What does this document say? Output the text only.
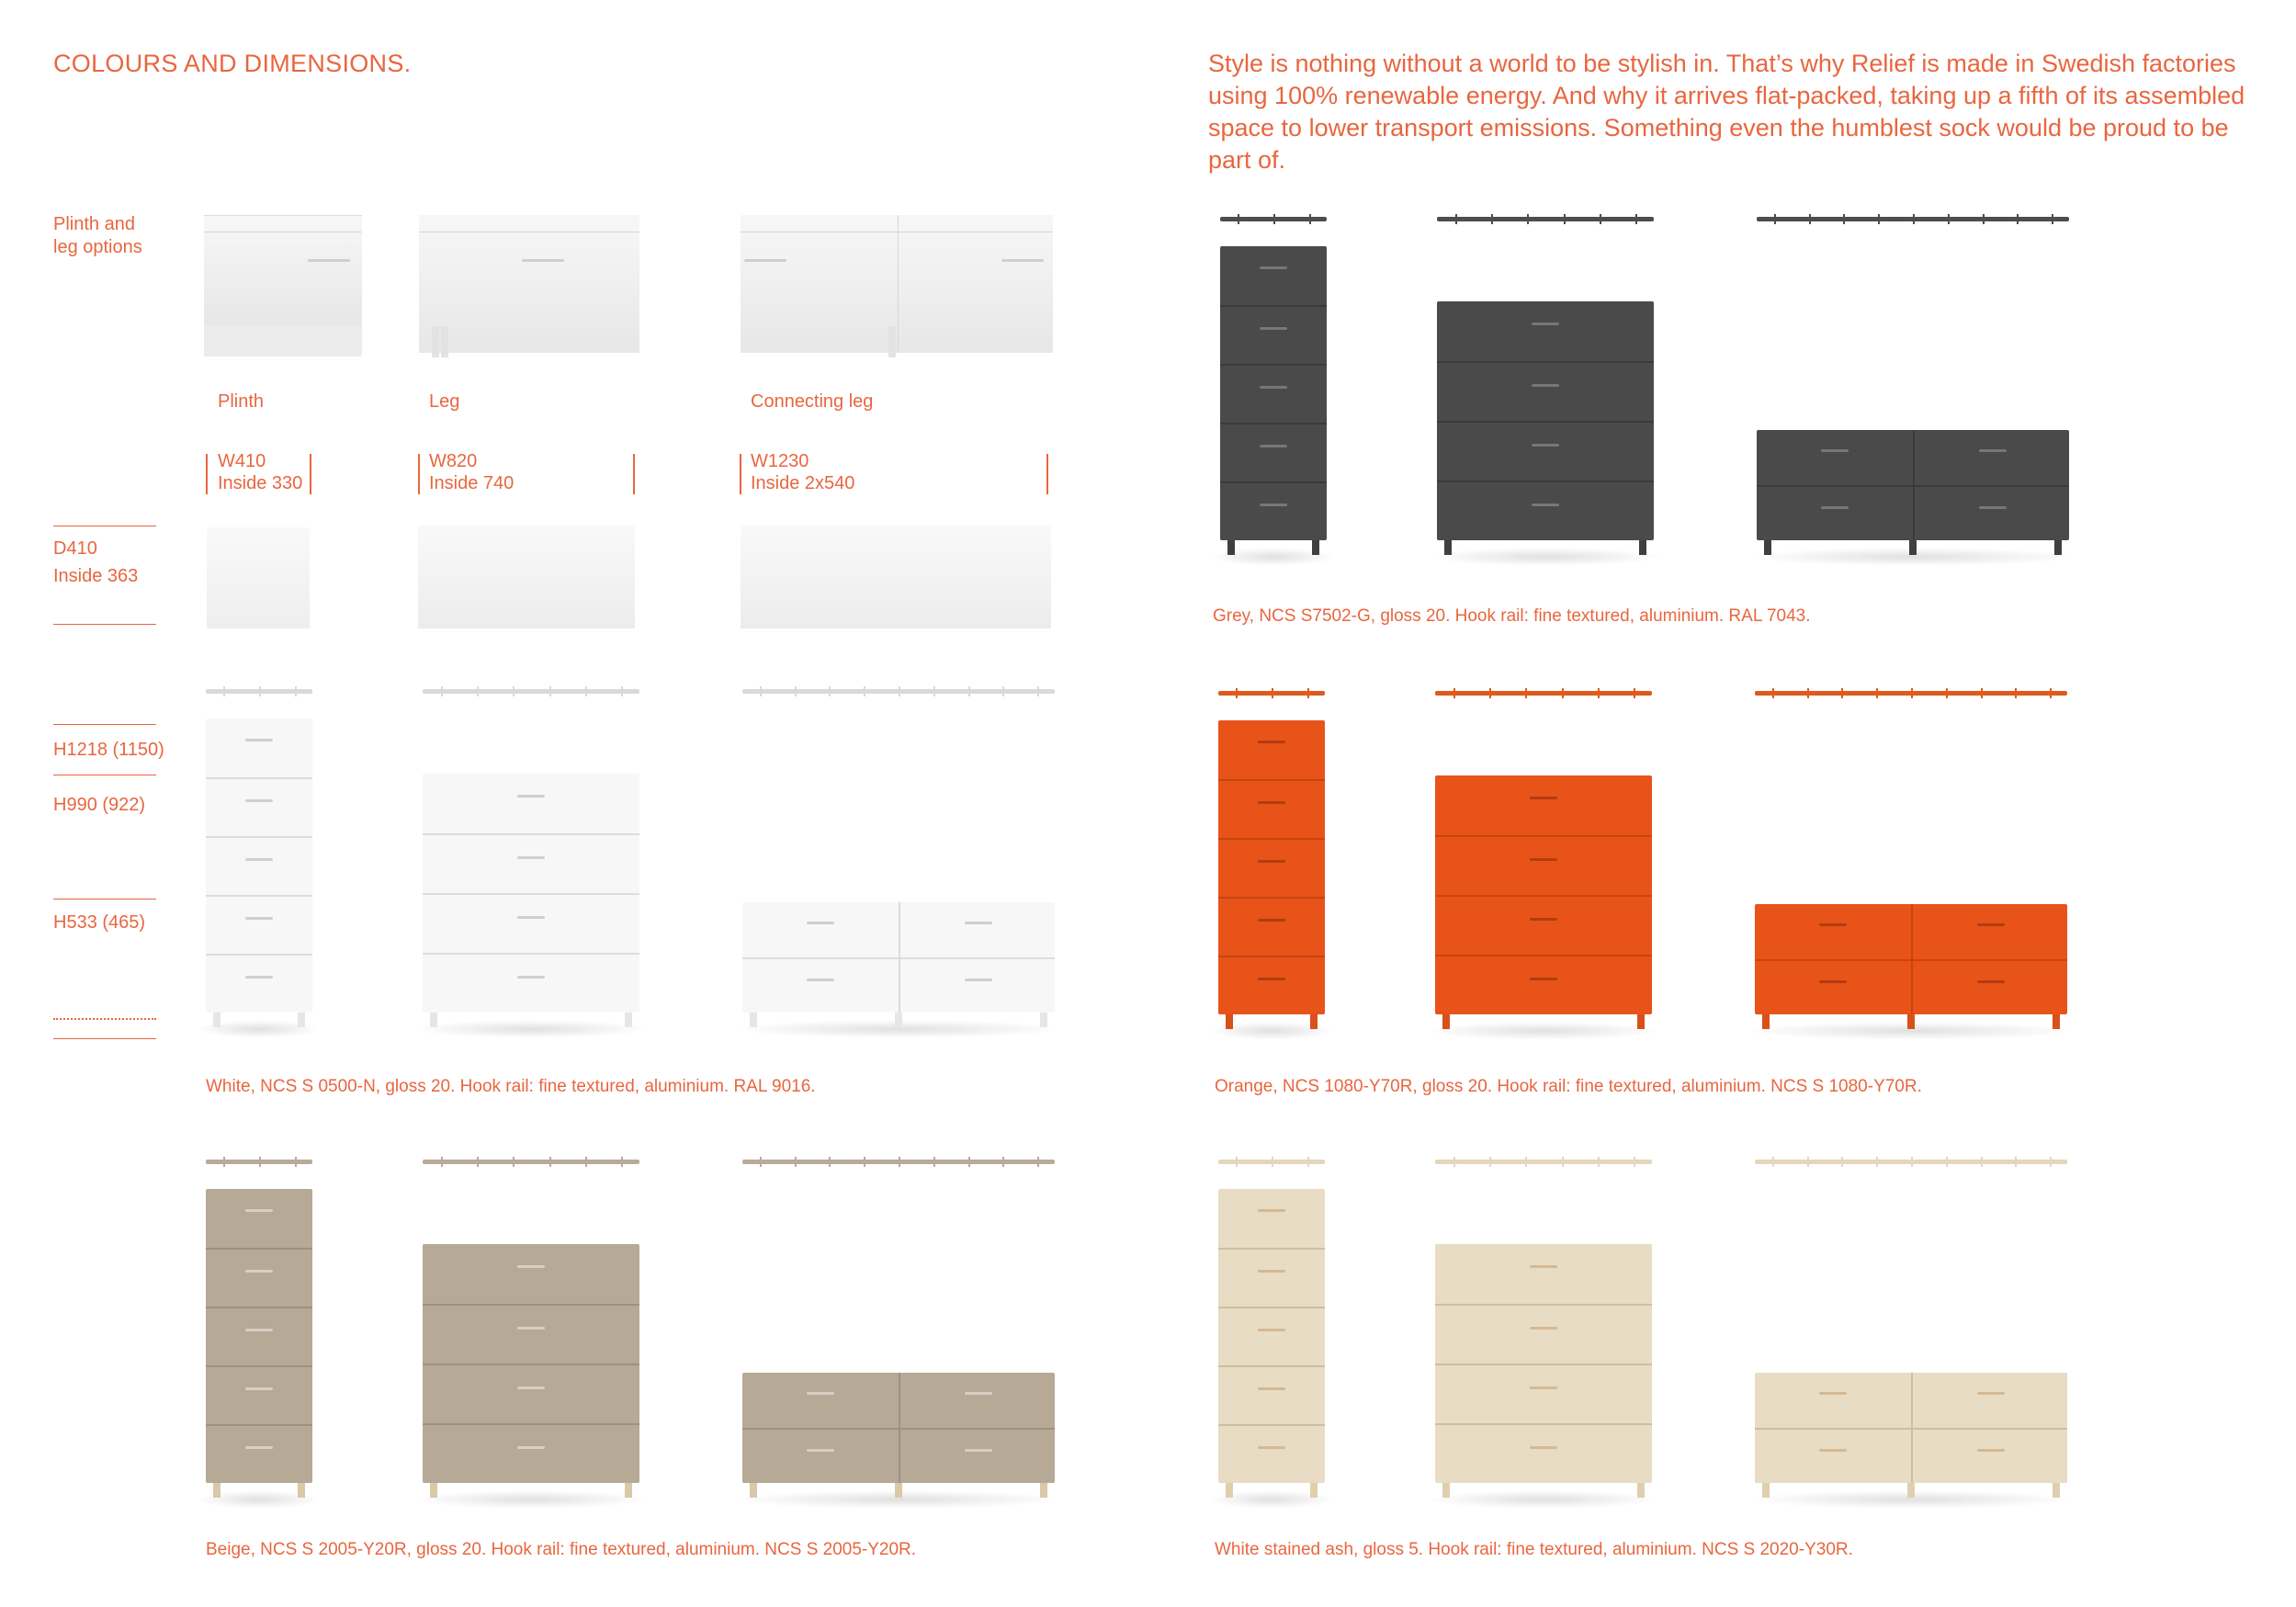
COLOURS AND DIMENSIONS.	Style is nothing without a world to be stylish in. That’s why Relief is made in Swedish factories using 100% renewable energy. And why it arrives flat-packed, taking up a fifth of its assembled space to lower transport emissions. Something even the humblest sock would be proud to be part of.
Plinth and
leg options
Plinth	Leg	Connecting leg
W410
Inside 330
W820
Inside 740
W1230
Inside 2x540
D410
Inside 363
H1218 (1150)
H990 (922)
H533 (465)
White, NCS S 0500-N, gloss 20. Hook rail: fine textured, aluminium. RAL 9016.
Grey, NCS S7502-G, gloss 20. Hook rail: fine textured, aluminium. RAL 7043.
Orange, NCS 1080-Y70R, gloss 20. Hook rail: fine textured, aluminium. NCS S 1080-Y70R.
Beige, NCS S 2005-Y20R, gloss 20. Hook rail: fine textured, aluminium. NCS S 2005-Y20R.	White stained ash, gloss 5. Hook rail: fine textured, aluminium. NCS S 2020-Y30R.
